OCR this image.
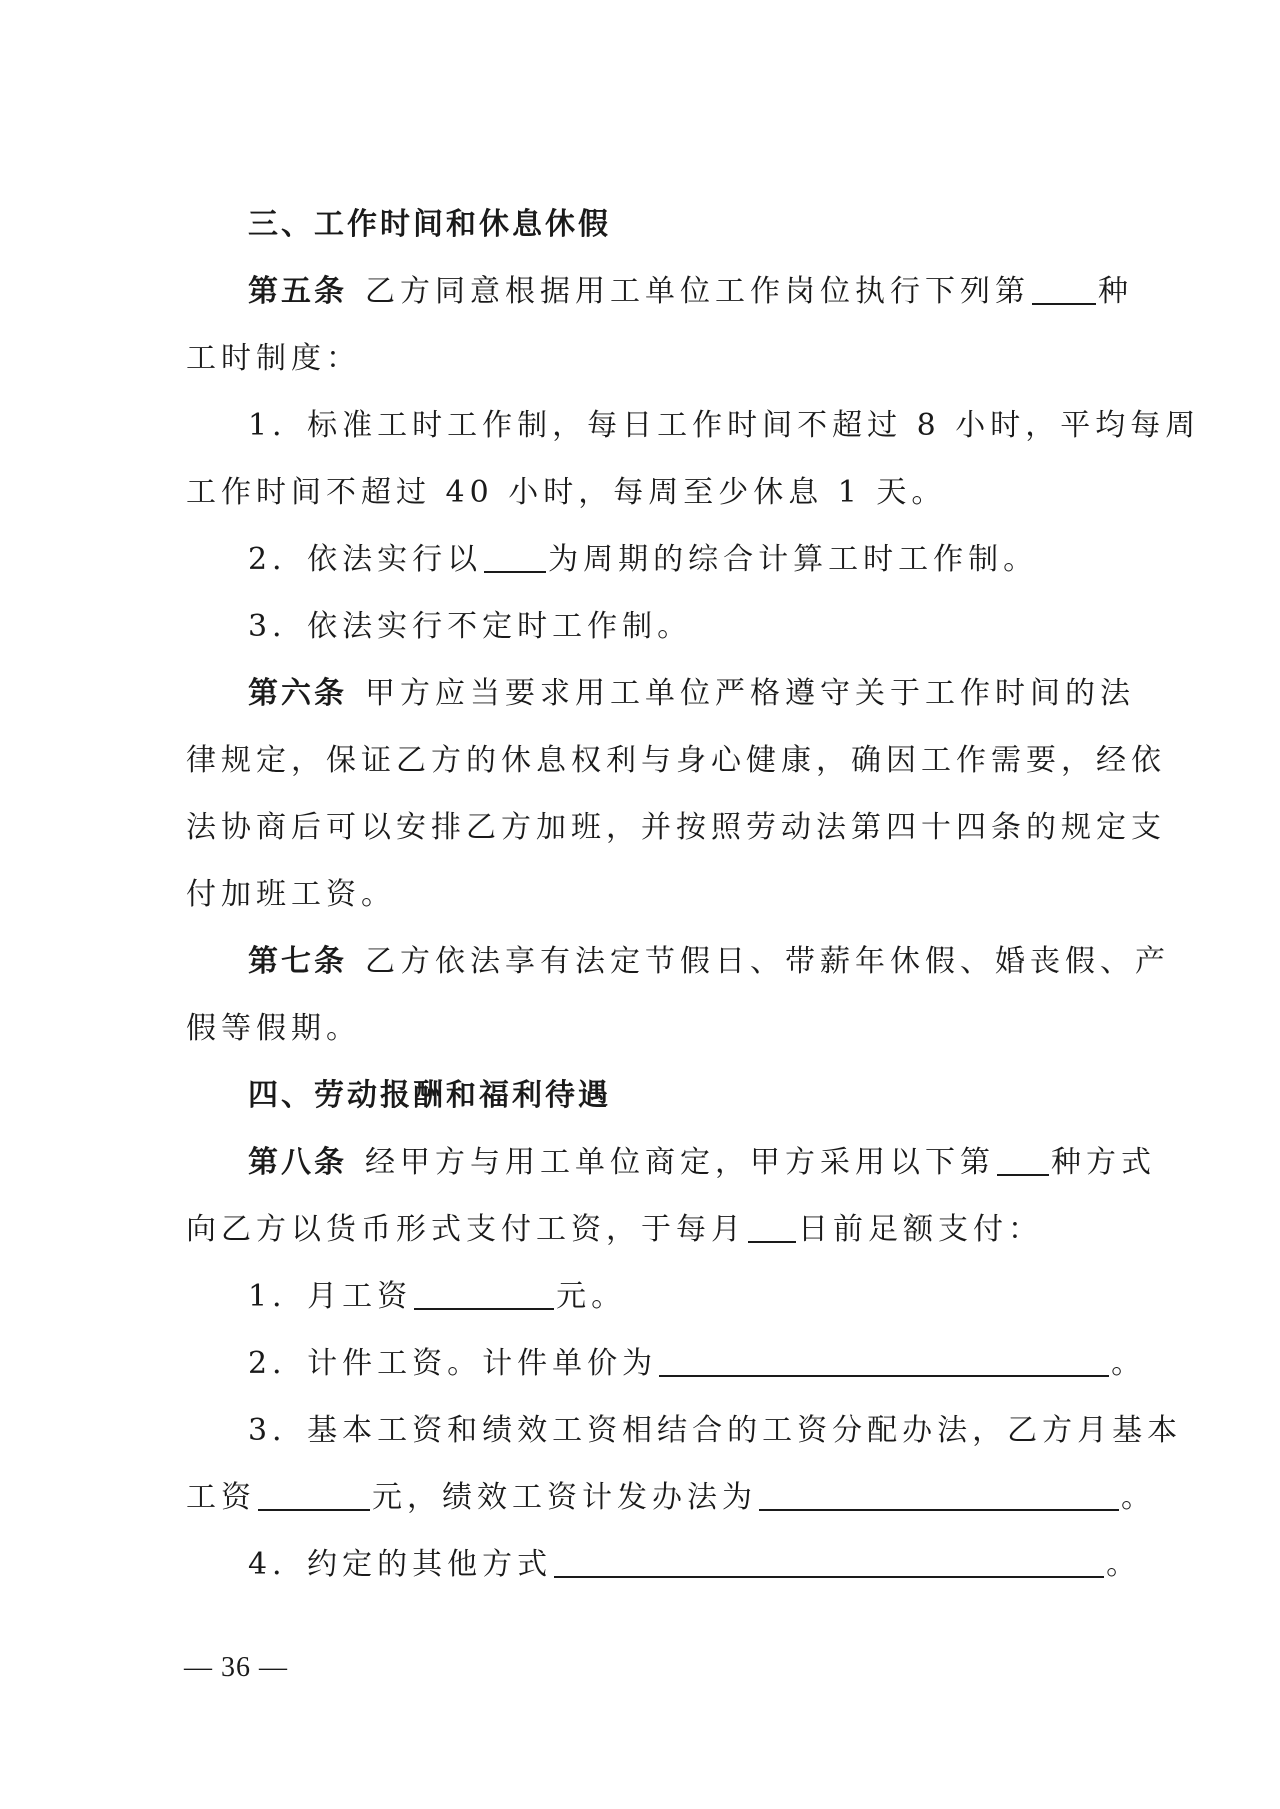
三、工作时间和休息休假
第五条 乙方同意根据用工单位工作岗位执行下列第 种
工时制度：
1．标准工时工作制，每日工作时间不超过 8 小时，平均每周
工作时间不超过 40 小时，每周至少休息 1 天。
2．依法实行以 为周期的综合计算工时工作制。
3．依法实行不定时工作制。
第六条 甲方应当要求用工单位严格遵守关于工作时间的法
律规定，保证乙方的休息权利与身心健康，确因工作需要，经依
法协商后可以安排乙方加班，并按照劳动法第四十四条的规定支
付加班工资。
第七条 乙方依法享有法定节假日、带薪年休假、婚丧假、产
假等假期。
四、劳动报酬和福利待遇
第八条 经甲方与用工单位商定，甲方采用以下第 种方式
向乙方以货币形式支付工资，于每月 日前足额支付：
1．月工资	元。
2．计件工资。计件单价为	。
3．基本工资和绩效工资相结合的工资分配办法，乙方月基本
工资	元，绩效工资计发办法为	。
4．约定的其他方式	。
— 36 —
